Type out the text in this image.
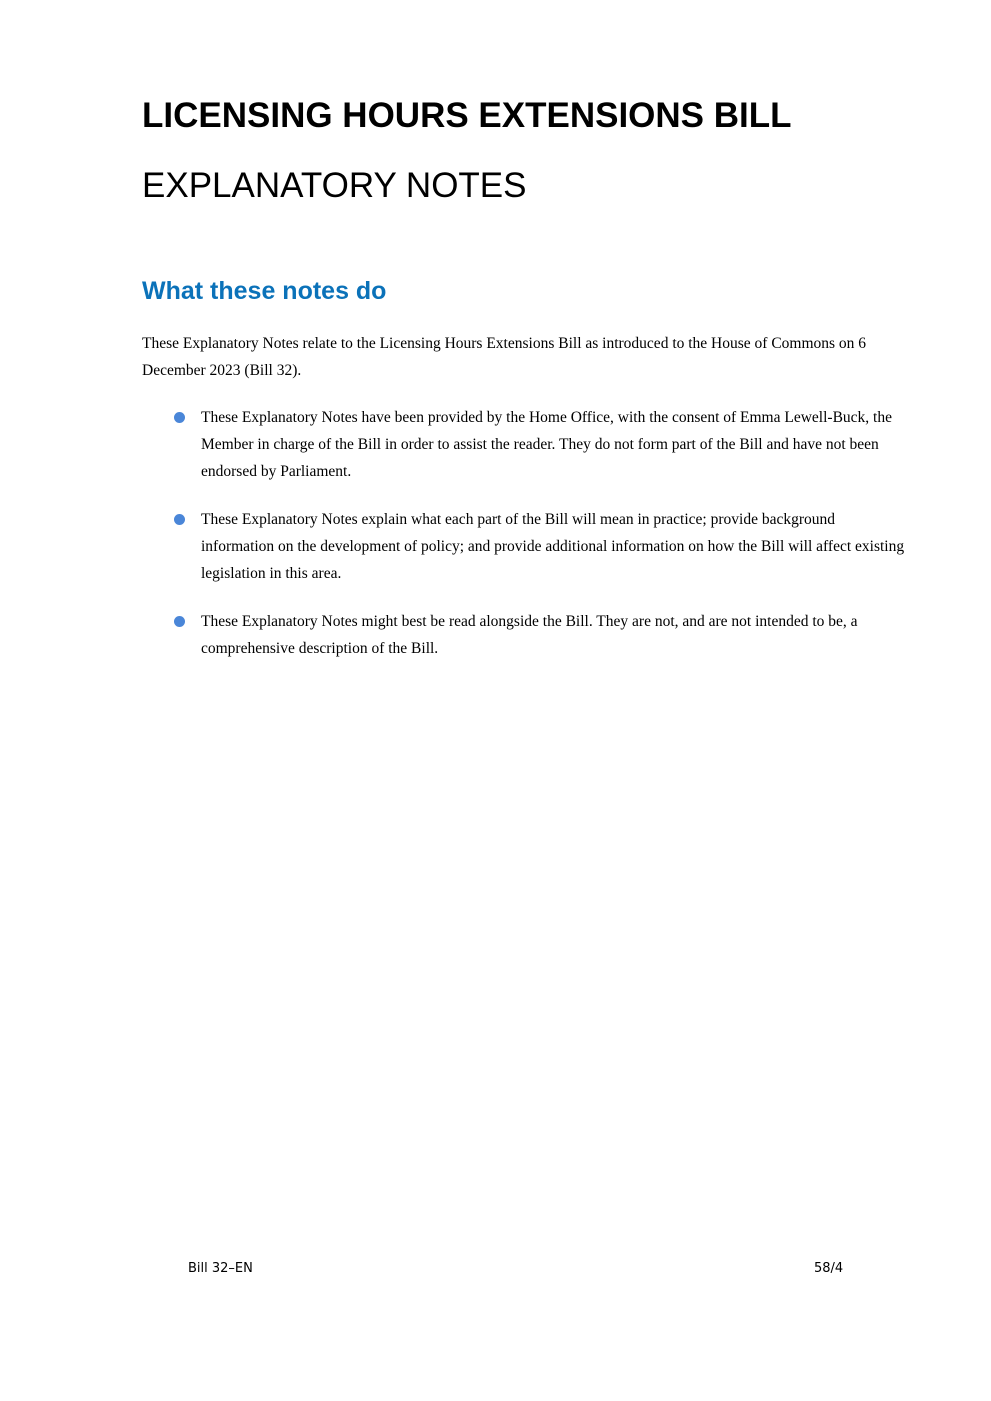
LICENSING HOURS EXTENSIONS BILL
EXPLANATORY NOTES
What these notes do

These Explanatory Notes relate to the Licensing Hours Extensions Bill as introduced to the House of Commons on 6 December 2023 (Bill 32).

These Explanatory Notes have been provided by the Home Office, with the consent of Emma Lewell-Buck, the Member in charge of the Bill in order to assist the reader. They do not form part of the Bill and have not been endorsed by Parliament.
These Explanatory Notes explain what each part of the Bill will mean in practice; provide background information on the development of policy; and provide additional information on how the Bill will affect existing legislation in this area.
These Explanatory Notes might best be read alongside the Bill. They are not, and are not intended to be, a comprehensive description of the Bill.
Bill 32–EN	58/4
